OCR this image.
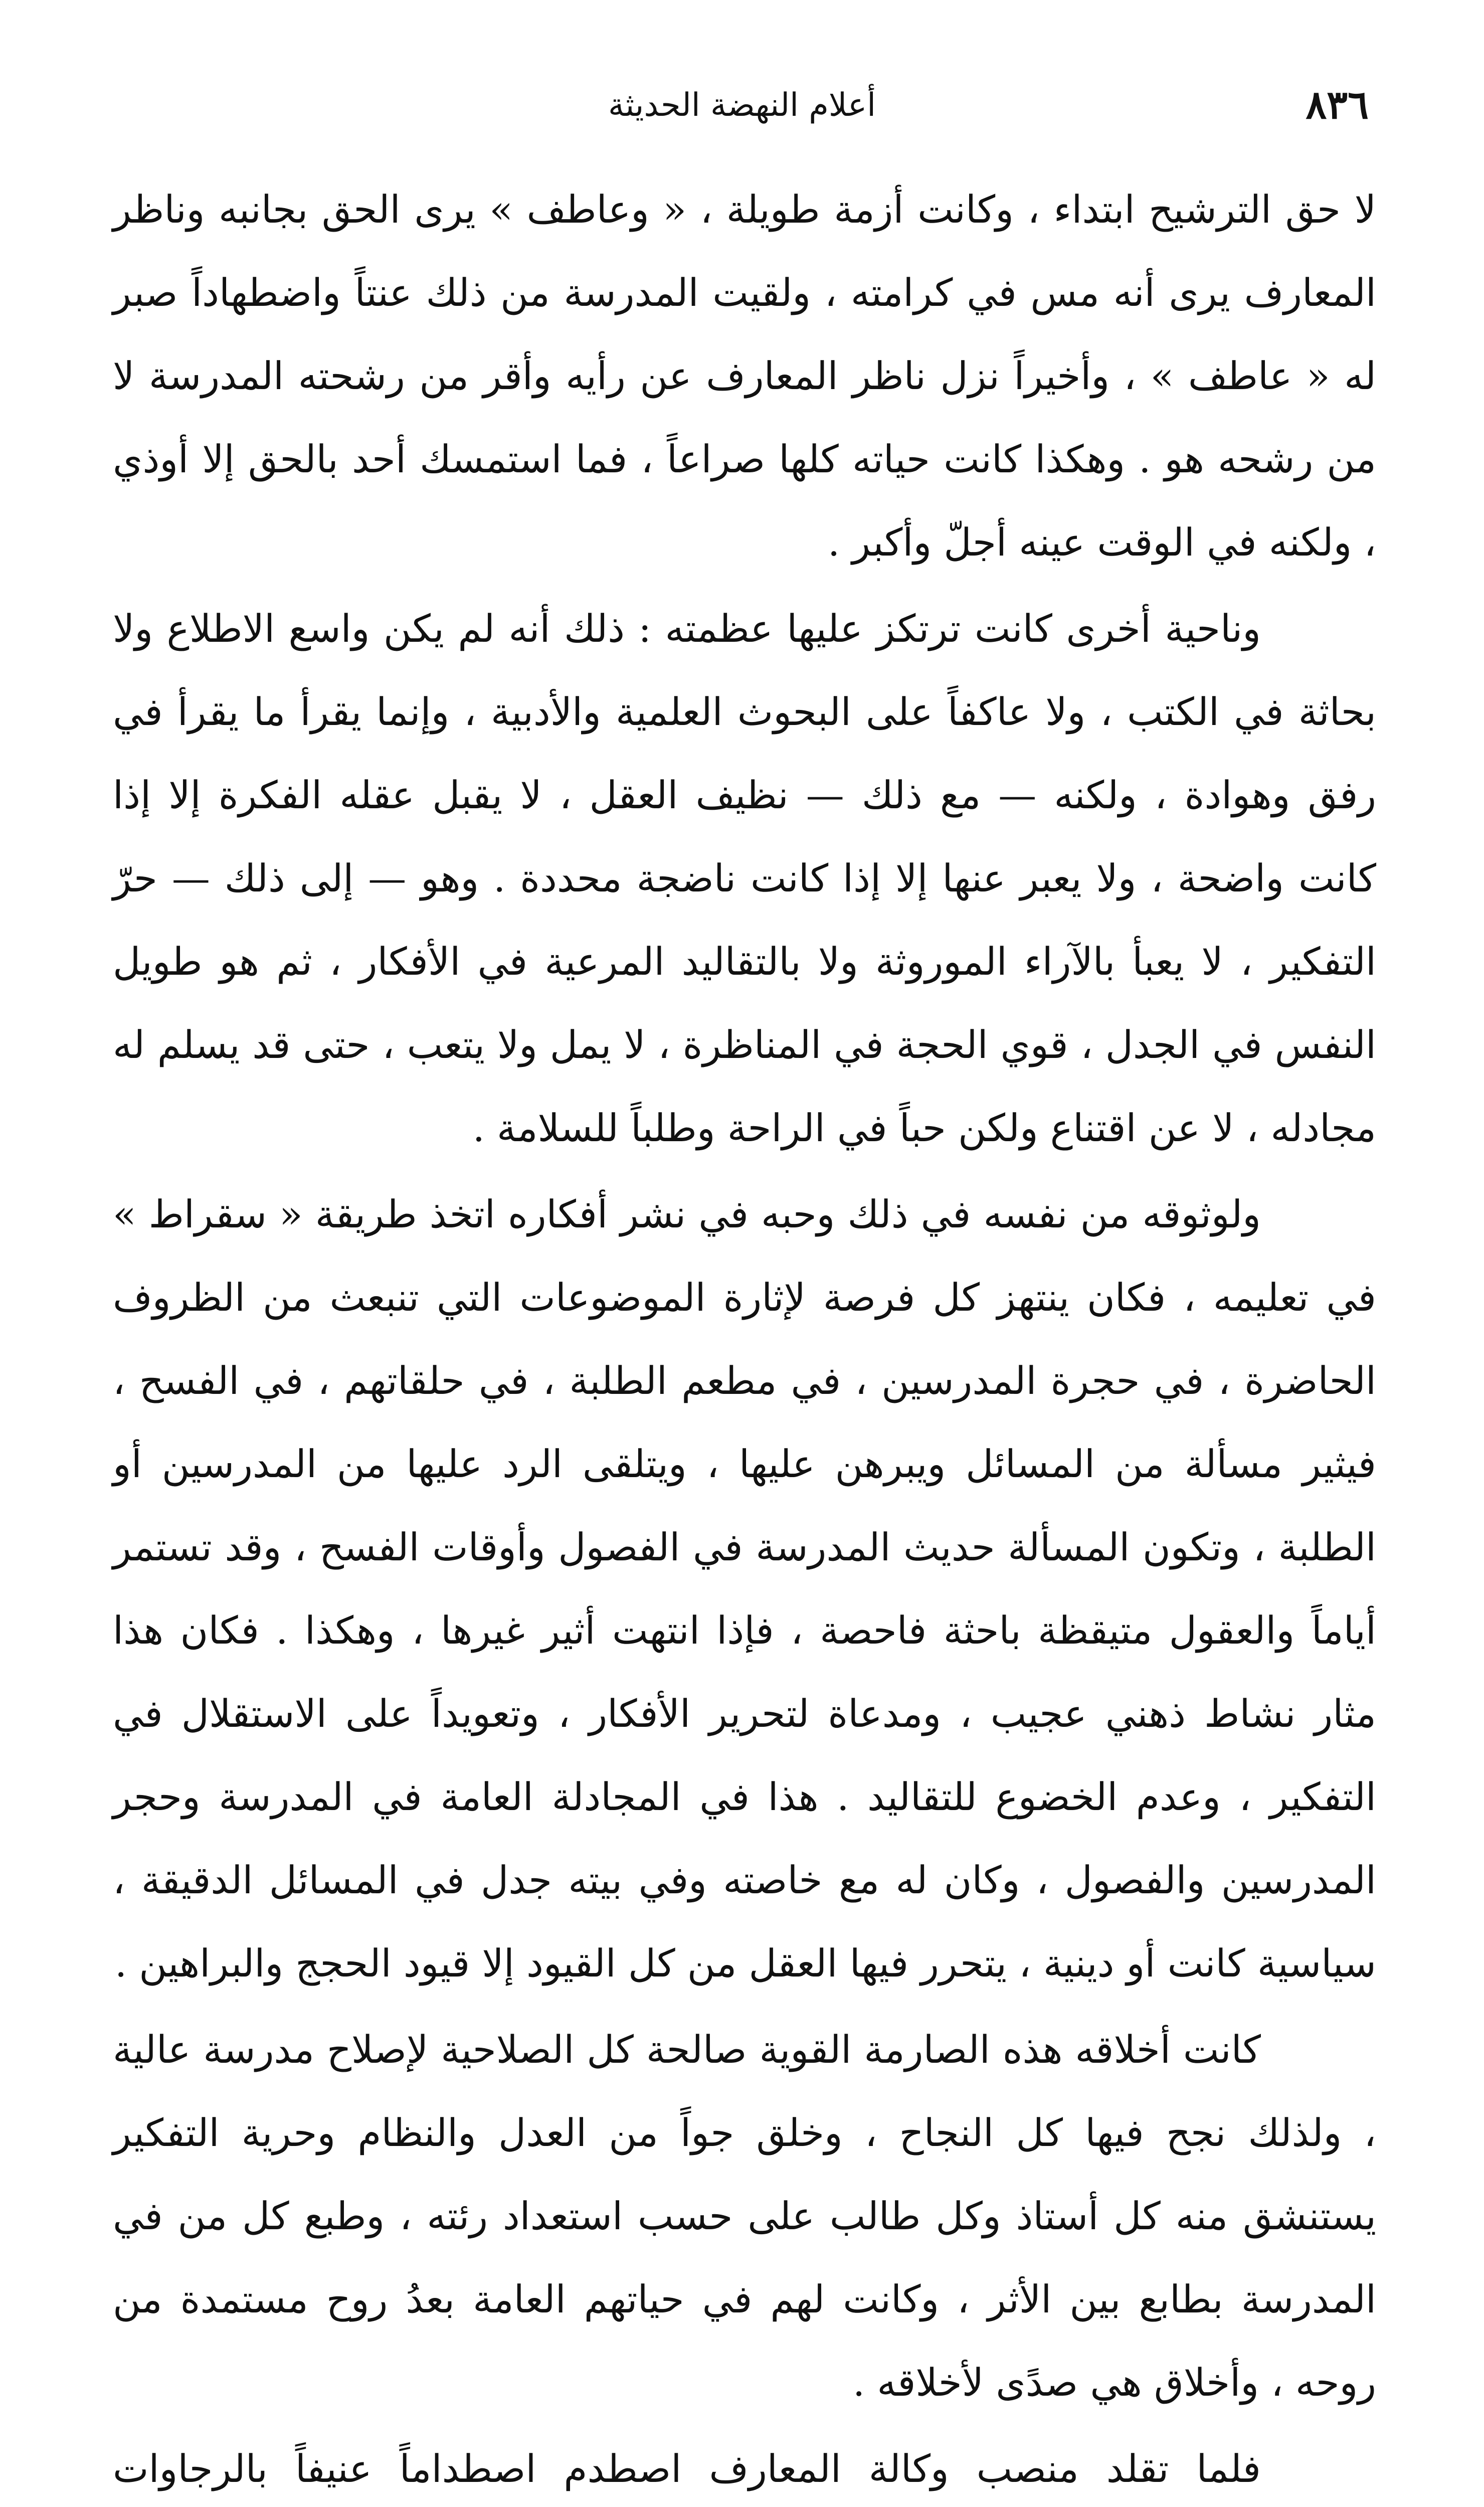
٨٣٦
أعلام النهضة الحديثة

لا حق الترشيح ابتداء ، وكانت أزمة طويلة ، « وعاطف » يرى الحق بجانبه وناظر المعارف يرى أنه مس في كرامته ، ولقيت المدرسة من ذلك عنتاً واضطهاداً صبر له « عاطف » ، وأخيراً نزل ناظر المعارف عن رأيه وأقر من رشحته المدرسة لا من رشحه هو . وهكذا كانت حياته كلها صراعاً ، فما استمسك أحد بالحق إلا أوذي ، ولكنه في الوقت عينه أجلّ وأكبر .

وناحية أخرى كانت ترتكز عليها عظمته : ذلك أنه لم يكن واسع الاطلاع ولا بحاثة في الكتب ، ولا عاكفاً على البحوث العلمية والأدبية ، وإنما يقرأ ما يقرأ في رفق وهوادة ، ولكنه — مع ذلك — نظيف العقل ، لا يقبل عقله الفكرة إلا إذا كانت واضحة ، ولا يعبر عنها إلا إذا كانت ناضجة محددة . وهو — إلى ذلك — حرّ التفكير ، لا يعبأ بالآراء الموروثة ولا بالتقاليد المرعية في الأفكار ، ثم هو طويل النفس في الجدل ، قوي الحجة في المناظرة ، لا يمل ولا يتعب ، حتى قد يسلم له مجادله ، لا عن اقتناع ولكن حباً في الراحة وطلباً للسلامة .

ولوثوقه من نفسه في ذلك وحبه في نشر أفكاره اتخذ طريقة « سقراط » في تعليمه ، فكان ينتهز كل فرصة لإثارة الموضوعات التي تنبعث من الظروف الحاضرة ، في حجرة المدرسين ، في مطعم الطلبة ، في حلقاتهم ، في الفسح ، فيثير مسألة من المسائل ويبرهن عليها ، ويتلقى الرد عليها من المدرسين أو الطلبة ، وتكون المسألة حديث المدرسة في الفصول وأوقات الفسح ، وقد تستمر أياماً والعقول متيقظة باحثة فاحصة ، فإذا انتهت أثير غيرها ، وهكذا . فكان هذا مثار نشاط ذهني عجيب ، ومدعاة لتحرير الأفكار ، وتعويداً على الاستقلال في التفكير ، وعدم الخضوع للتقاليد . هذا في المجادلة العامة في المدرسة وحجر المدرسين والفصول ، وكان له مع خاصته وفي بيته جدل في المسائل الدقيقة ، سياسية كانت أو دينية ، يتحرر فيها العقل من كل القيود إلا قيود الحجج والبراهين .

كانت أخلاقه هذه الصارمة القوية صالحة كل الصلاحية لإصلاح مدرسة عالية ، ولذلك نجح فيها كل النجاح ، وخلق جواً من العدل والنظام وحرية التفكير يستنشق منه كل أستاذ وكل طالب على حسب استعداد رئته ، وطبع كل من في المدرسة بطابع بين الأثر ، وكانت لهم في حياتهم العامة بعدُ روح مستمدة من روحه ، وأخلاق هي صدًى لأخلاقه .

فلما تقلد منصب وكالة المعارف اصطدم اصطداماً عنيفاً بالرجاوات
